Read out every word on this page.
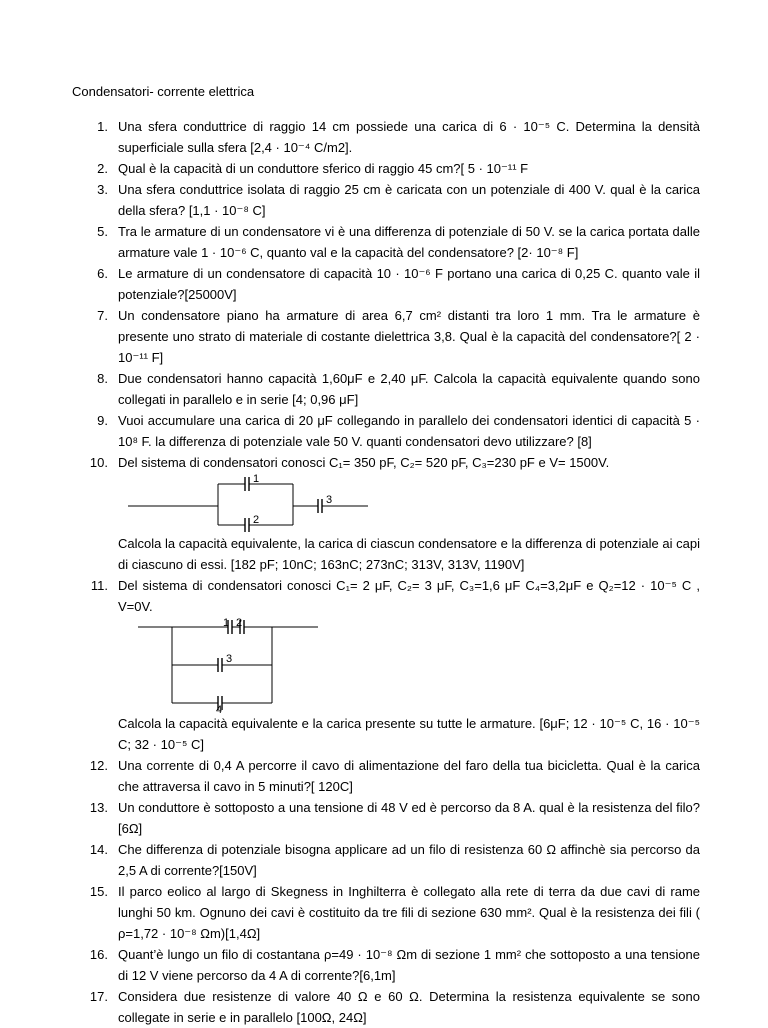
Condensatori- corrente elettrica
1. Una sfera conduttrice di raggio 14 cm possiede una carica di 6 · 10⁻⁵ C. Determina la densità superficiale sulla sfera [2,4 · 10⁻⁴ C/m2].
2. Qual è la capacità di un conduttore sferico di raggio 45 cm?[ 5 · 10⁻¹¹ F
3. Una sfera conduttrice isolata di raggio 25 cm è caricata con un potenziale di 400 V. qual è la carica della sfera? [1,1 · 10⁻⁸ C]
5. Tra le armature di un condensatore vi è una differenza di potenziale di 50 V. se la carica portata dalle armature vale 1 · 10⁻⁶ C, quanto val e la capacità del condensatore? [2· 10⁻⁸ F]
6. Le armature di un condensatore di capacità 10 · 10⁻⁶ F portano una carica di 0,25 C. quanto vale il potenziale?[25000V]
7. Un condensatore piano ha armature di area 6,7 cm² distanti tra loro 1 mm. Tra le armature è presente uno strato di materiale di costante dielettrica 3,8. Qual è la capacità del condensatore?[ 2 · 10⁻¹¹ F]
8. Due condensatori hanno capacità 1,60μF e 2,40 μF. Calcola la capacità equivalente quando sono collegati in parallelo e in serie [4; 0,96 μF]
9. Vuoi accumulare una carica di 20 μF collegando in parallelo dei condensatori identici di capacità 5 · 10⁸ F. la differenza di potenziale vale 50 V. quanti condensatori devo utilizzare? [8]
10. Del sistema di condensatori conosci C₁= 350 pF, C₂= 520 pF, C₃=230 pF e V= 1500V.
1
3
2
Calcola la capacità equivalente, la carica di ciascun condensatore e la differenza di potenziale ai capi di ciascuno di essi. [182 pF; 10nC; 163nC; 273nC; 313V, 313V, 1190V]
11. Del sistema di condensatori conosci C₁= 2 μF, C₂= 3 μF, C₃=1,6 μF C₄=3,2μF e Q₂=12 · 10⁻⁵ C , V=0V.
1 2
3
4
Calcola la capacità equivalente e la carica presente su tutte le armature. [6μF; 12 · 10⁻⁵ C, 16 · 10⁻⁵ C; 32 · 10⁻⁵ C]
12. Una corrente di 0,4 A percorre il cavo di alimentazione del faro della tua bicicletta. Qual è la carica che attraversa il cavo in 5 minuti?[ 120C]
13. Un conduttore è sottoposto a una tensione di 48 V ed è percorso da 8 A. qual è la resistenza del filo?[6Ω]
14. Che differenza di potenziale bisogna applicare ad un filo di resistenza 60 Ω affinchè sia percorso da 2,5 A di corrente?[150V]
15. Il parco eolico al largo di Skegness in Inghilterra è collegato alla rete di terra da due cavi di rame lunghi 50 km. Ognuno dei cavi è costituito da tre fili di sezione 630 mm². Qual è la resistenza dei fili ( ρ=1,72 · 10⁻⁸ Ωm)[1,4Ω]
16. Quant’è lungo un filo di costantana ρ=49 · 10⁻⁸ Ωm di sezione 1 mm² che sottoposto a una tensione di 12 V viene percorso da 4 A di corrente?[6,1m]
17. Considera due resistenze di valore 40 Ω e 60 Ω. Determina la resistenza equivalente se sono collegate in serie e in parallelo [100Ω, 24Ω]
